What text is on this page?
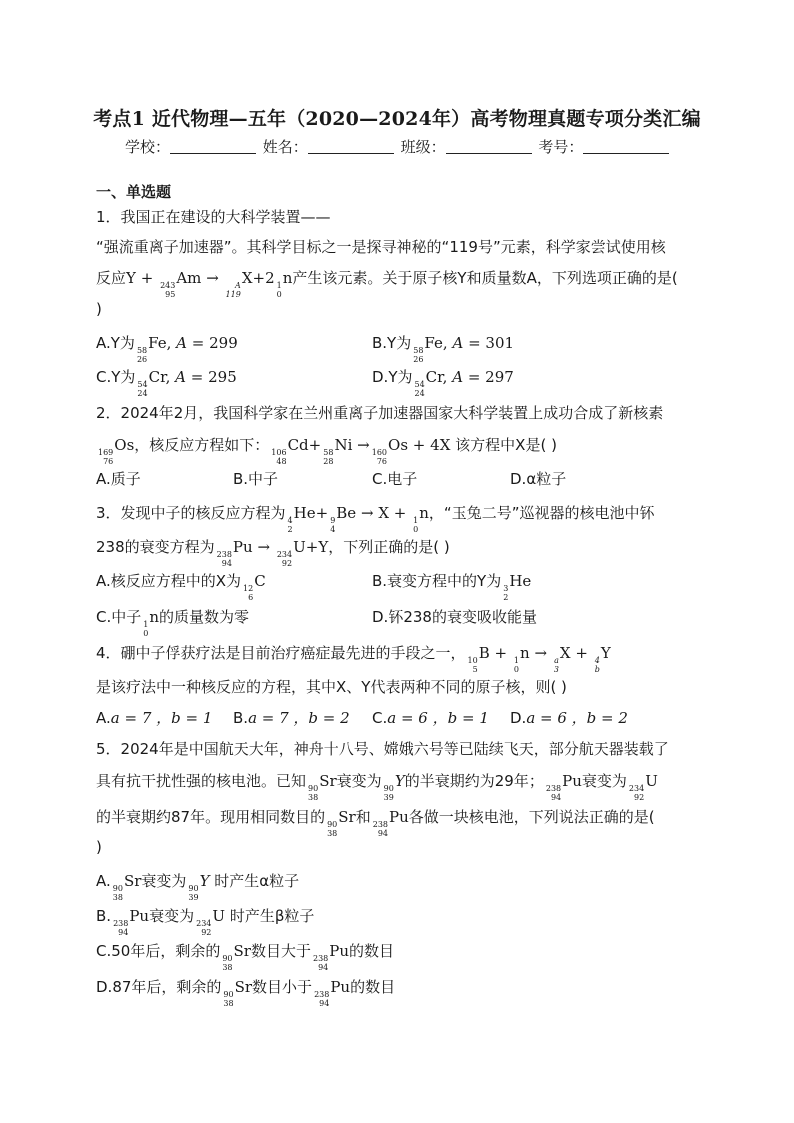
考点1 近代物理—五年（2020—2024年）高考物理真题专项分类汇编
学校：	姓名：	班级：	考号：
一、单选题
1．我国正在建设的大科学装置——
“强流重离子加速器”。其科学目标之一是探寻神秘的“119号”元素，科学家尝试使用核
反应Y + 243
95
Am → A
119
X+2 1
0
n产生该元素。关于原子核Y和质量数A，下列选项正确的是(
)
A.Y为 58
26
Fe, A = 299	B.Y为 58
26
Fe, A = 301
C.Y为 54
24
Cr, A = 295	D.Y为 54
24
Cr, A = 297
2．2024年2月，我国科学家在兰州重离子加速器国家大科学装置上成功合成了新核素
169
76
Os，核反应方程如下： 106
48
Cd+ 58
28
Ni → 160
76
Os + 4X 该方程中X是( )
A.质子	B.中子	C.电子	D.α粒子
3．发现中子的核反应方程为 4
2
He+ 9
4
Be → X + 1
0
n，“玉兔二号”巡视器的核电池中钚
238的衰变方程为 238
94
Pu → 234
92
U+Y，下列正确的是( )
A.核反应方程中的X为 12
6
C	B.衰变方程中的Y为 3
2
He
C.中子 1
0
n的质量数为零	D.钚238的衰变吸收能量
4．硼中子俘获疗法是目前治疗癌症最先进的手段之一， 10
5
B + 1
0
n → a
3
X + 4
b
Y
是该疗法中一种核反应的方程，其中X、Y代表两种不同的原子核，则( )
A.a = 7 ，b = 1 B.a = 7 ，b = 2 C.a = 6 ，b = 1 D.a = 6 ，b = 2
5．2024年是中国航天大年，神舟十八号、嫦娥六号等已陆续飞天，部分航天器装载了
具有抗干扰性强的核电池。已知 90
38
Sr衰变为 90
39
Y的半衰期约为29年； 238
94
Pu衰变为 234
92
U
的半衰期约87年。现用相同数目的 90
38
Sr和 238
94
Pu各做一块核电池，下列说法正确的是(
)
A. 90
38
Sr衰变为 90
39
Y 时产生α粒子
B. 238
94
Pu衰变为 234
92
U 时产生β粒子
C.50年后，剩余的 90
38
Sr数目大于 238
94
Pu的数目
D.87年后，剩余的 90
38
Sr数目小于 238
94
Pu的数目
